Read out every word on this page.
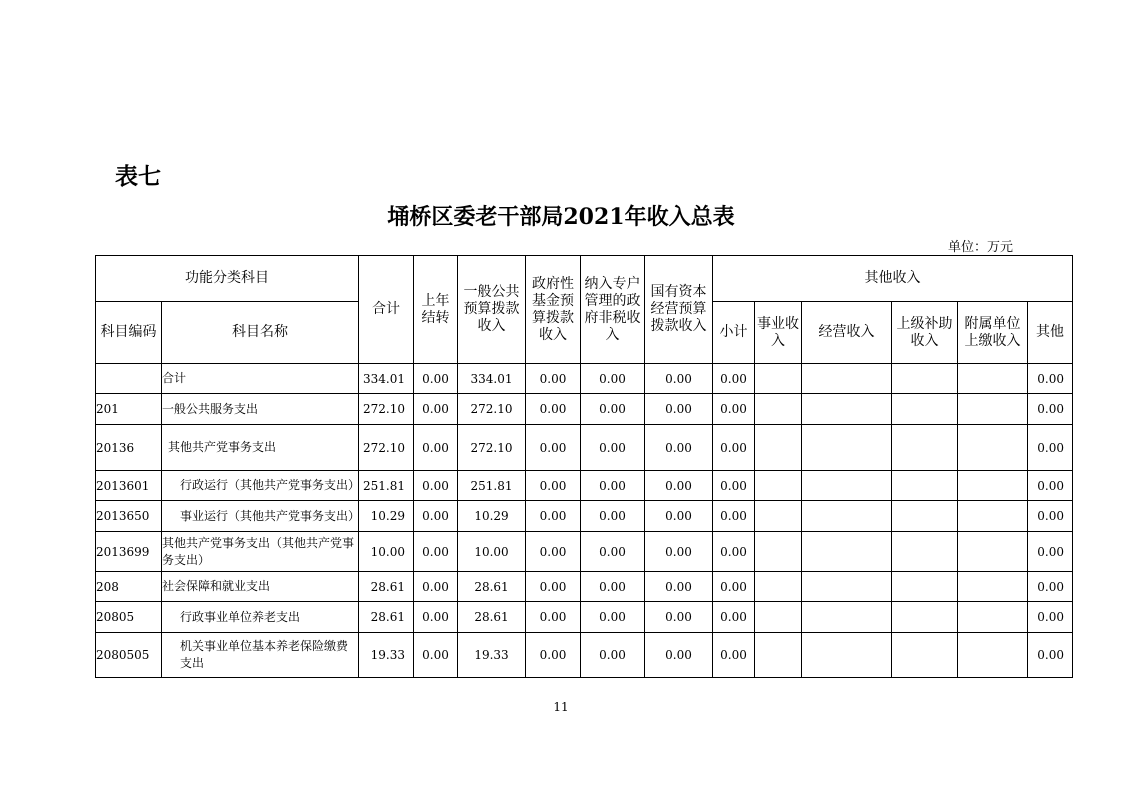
表七
埇桥区委老干部局2021年收入总表
单位：万元
功能分类科目		合计	上年结转	一般公共预算拨款收入	政府性基金预算拨款收入	纳入专户管理的政府非税收入	国有资本经营预算拨款收入	其他收入					
科目编码	科目名称							小计	事业收入	经营收入	上级补助收入	附属单位上缴收入	其他
	合计	334.01	0.00	334.01	0.00	0.00	0.00	0.00					0.00
201	一般公共服务支出	272.10	0.00	272.10	0.00	0.00	0.00	0.00					0.00
20136	其他共产党事务支出	272.10	0.00	272.10	0.00	0.00	0.00	0.00					0.00
2013601	行政运行（其他共产党事务支出）	251.81	0.00	251.81	0.00	0.00	0.00	0.00					0.00
2013650	事业运行（其他共产党事务支出）	10.29	0.00	10.29	0.00	0.00	0.00	0.00					0.00
2013699	其他共产党事务支出（其他共产党事务支出）	10.00	0.00	10.00	0.00	0.00	0.00	0.00					0.00
208	社会保障和就业支出	28.61	0.00	28.61	0.00	0.00	0.00	0.00					0.00
20805	行政事业单位养老支出	28.61	0.00	28.61	0.00	0.00	0.00	0.00					0.00
2080505	机关事业单位基本养老保险缴费支出	19.33	0.00	19.33	0.00	0.00	0.00	0.00					0.00
11
